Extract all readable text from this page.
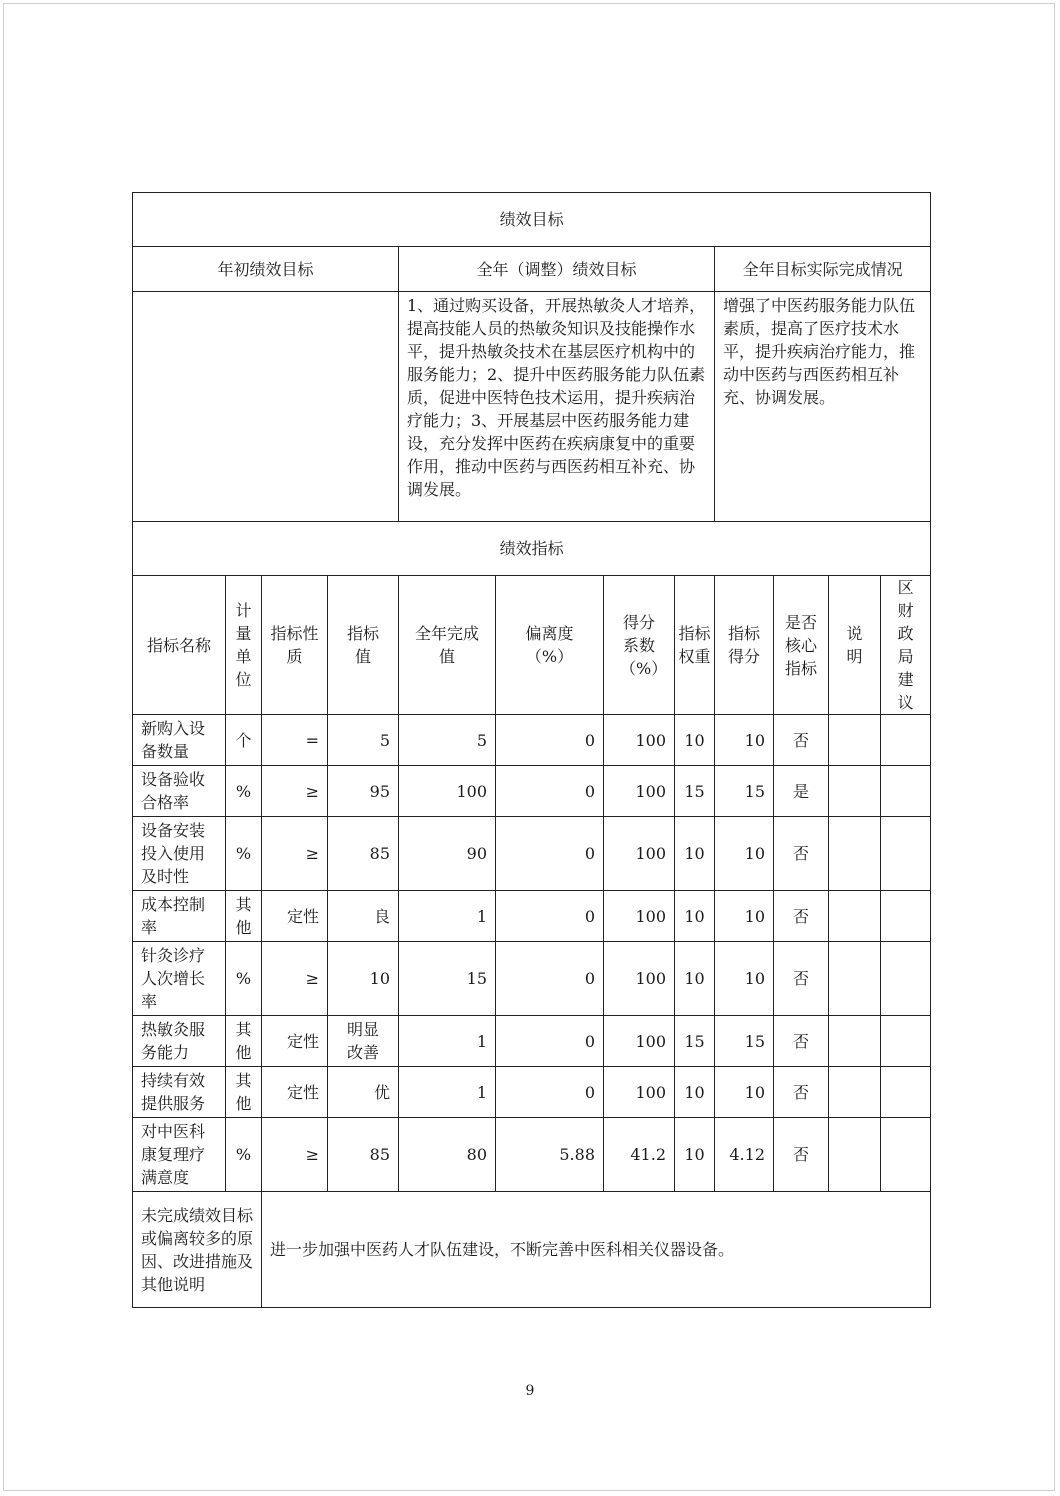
绩效目标											
年初绩效目标				全年（调整）绩效目标				全年目标实际完成情况			
				1、通过购买设备，开展热敏灸人才培养，提高技能人员的热敏灸知识及技能操作水平，提升热敏灸技术在基层医疗机构中的服务能力；2、提升中医药服务能力队伍素质，促进中医特色技术运用，提升疾病治疗能力；3、开展基层中医药服务能力建设，充分发挥中医药在疾病康复中的重要作用，推动中医药与西医药相互补充、协调发展。				增强了中医药服务能力队伍素质，提高了医疗技术水平，提升疾病治疗能力，推动中医药与西医药相互补充、协调发展。			
绩效指标											
指标名称	计量单位	指标性质	指标值	全年完成值	偏离度（%）	得分系数（%）	指标权重	指标得分	是否核心指标	说明	区财政局建议
新购入设备数量	个	=	5	5	0	100	10	10	否		
设备验收合格率	%	≥	95	100	0	100	15	15	是		
设备安装投入使用及时性	%	≥	85	90	0	100	10	10	否		
成本控制率	其他	定性	良	1	0	100	10	10	否		
针灸诊疗人次增长率	%	≥	10	15	0	100	10	10	否		
热敏灸服务能力	其他	定性	明显改善	1	0	100	15	15	否		
持续有效提供服务	其他	定性	优	1	0	100	10	10	否		
对中医科康复理疗满意度	%	≥	85	80	5.88	41.2	10	4.12	否		
未完成绩效目标或偏离较多的原因、改进措施及其他说明		进一步加强中医药人才队伍建设，不断完善中医科相关仪器设备。									
9
